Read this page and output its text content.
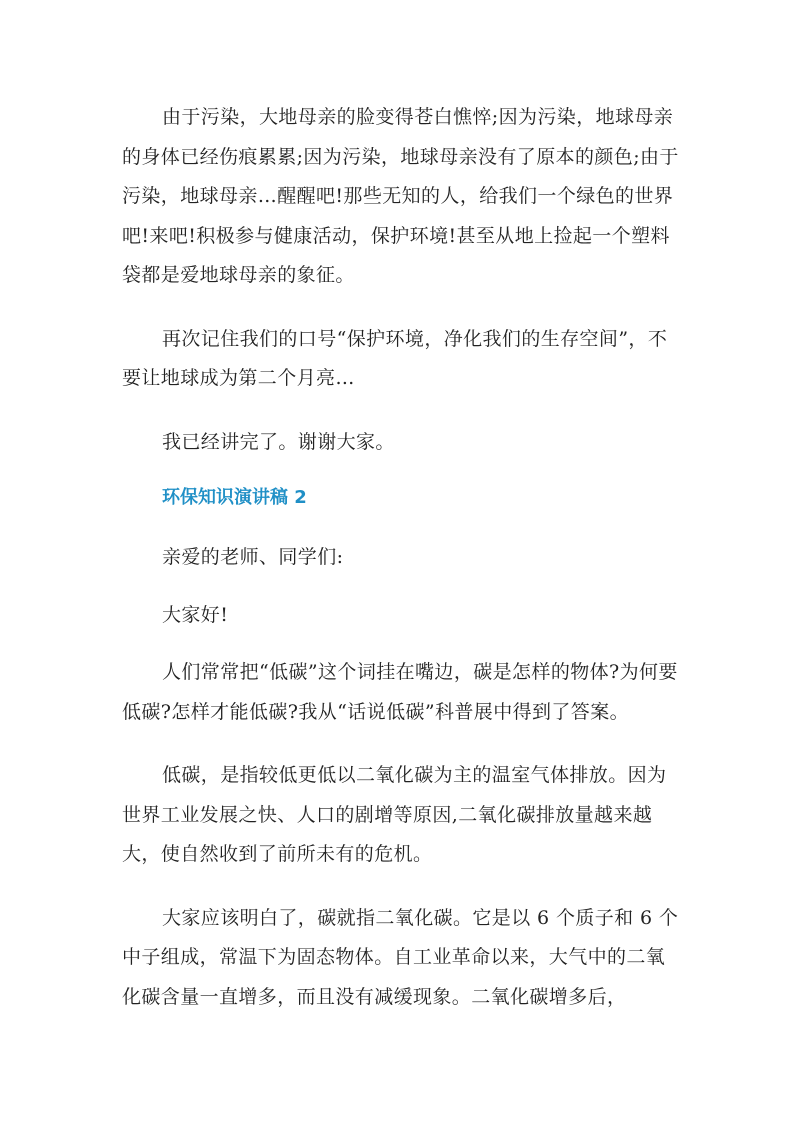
由于污染，大地母亲的脸变得苍白憔悴;因为污染，地球母亲的身体已经伤痕累累;因为污染，地球母亲没有了原本的颜色;由于污染，地球母亲…醒醒吧!那些无知的人，给我们一个绿色的世界吧!来吧!积极参与健康活动，保护环境!甚至从地上捡起一个塑料袋都是爱地球母亲的象征。

再次记住我们的口号“保护环境，净化我们的生存空间”，不要让地球成为第二个月亮…

我已经讲完了。谢谢大家。

环保知识演讲稿 2

亲爱的老师、同学们:

大家好!

人们常常把“低碳”这个词挂在嘴边，碳是怎样的物体?为何要低碳?怎样才能低碳?我从“话说低碳”科普展中得到了答案。

低碳，是指较低更低以二氧化碳为主的温室气体排放。因为世界工业发展之快、人口的剧增等原因,二氧化碳排放量越来越大，使自然收到了前所未有的危机。

大家应该明白了，碳就指二氧化碳。它是以 6 个质子和 6 个中子组成，常温下为固态物体。自工业革命以来，大气中的二氧化碳含量一直增多，而且没有减缓现象。二氧化碳增多后，
